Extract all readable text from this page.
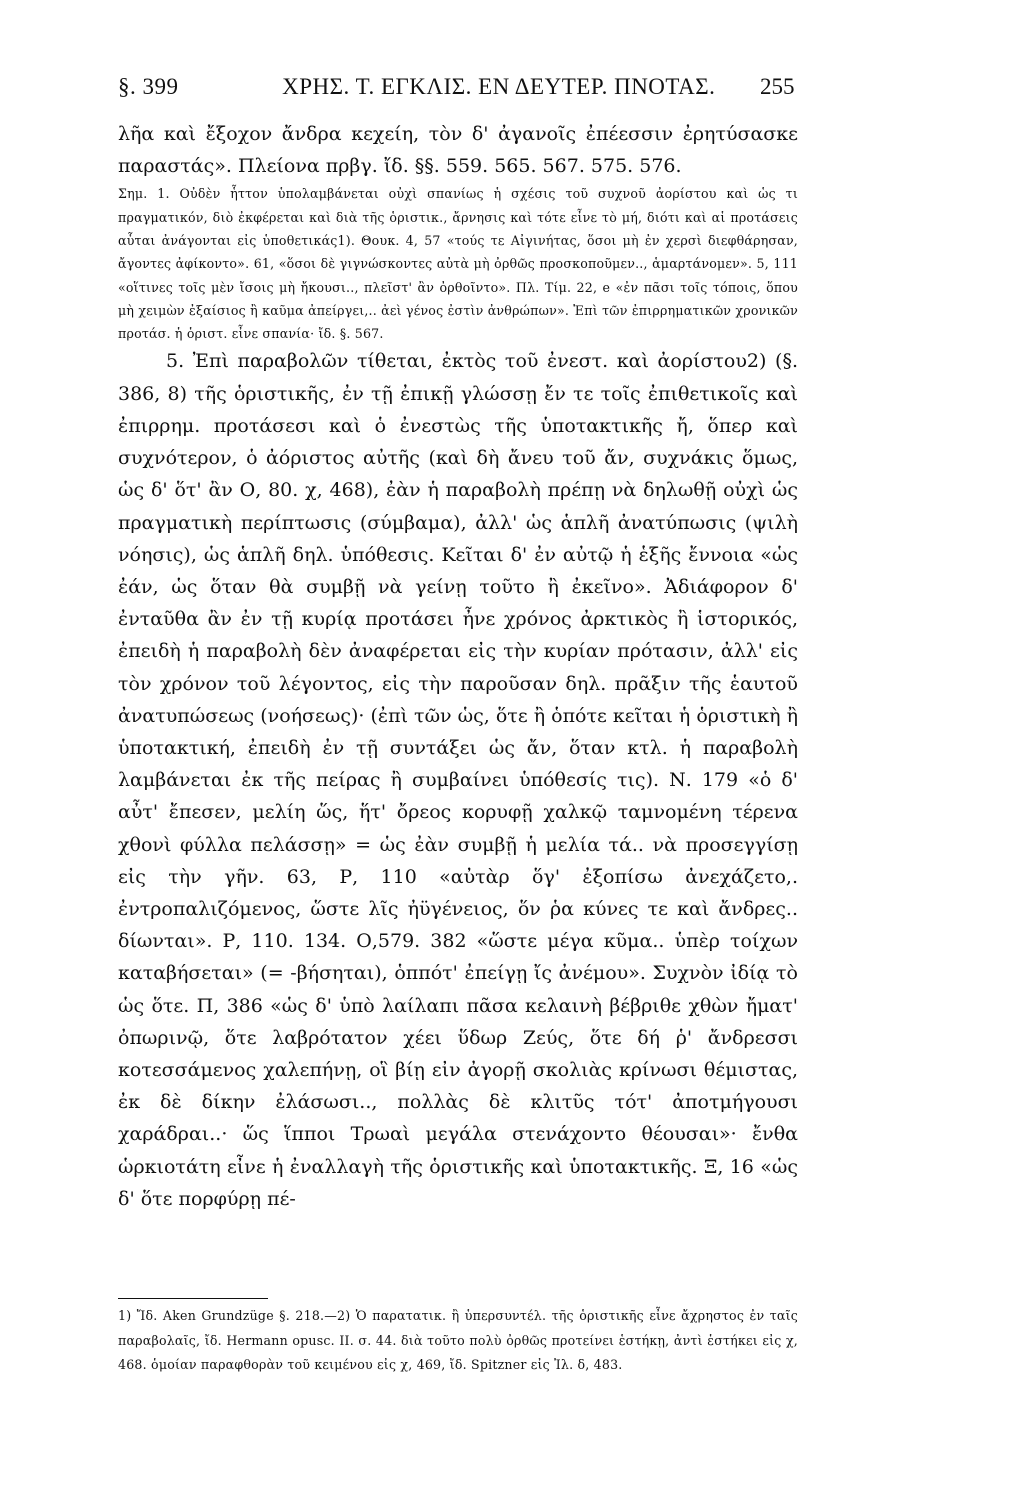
§. 399	ΧΡΗΣ. Τ. ΕΓΚΛΙΣ. ΕΝ ΔΕΥΤΕΡ. ΠΝΟΤΑΣ.	255

λῆα καὶ ἔξοχον ἄνδρα κεχείη, τὸν δ' ἀγανοῖς ἐπέεσσιν ἐρητύσασκε παραστάς». Πλείονα πρβγ. ἴδ. §§. 559. 565. 567. 575. 576.

Σημ. 1. Οὐδὲν ἧττον ὑπολαμβάνεται οὐχὶ σπανίως ἡ σχέσις τοῦ συχνοῦ ἀορίστου καὶ ὡς τι πραγματικόν, διὸ ἐκφέρεται καὶ διὰ τῆς ὁριστικ., ἄρνησις καὶ τότε εἶνε τὸ μή, διότι καὶ αἱ προτάσεις αὗται ἀνάγονται εἰς ὑποθετικάς1). Θουκ. 4, 57 «τούς τε Αἰγινήτας, ὅσοι μὴ ἐν χερσὶ διεφθάρησαν, ἄγοντες ἀφίκοντο». 61, «ὅσοι δὲ γιγνώσκοντες αὐτὰ μὴ ὀρθῶς προσκοποῦμεν.., ἁμαρτάνομεν». 5, 111 «οἵτινες τοῖς μὲν ἴσοις μὴ ἤκουσι.., πλεῖστ' ἂν ὀρθοῖντο». Πλ. Τίμ. 22, e «ἐν πᾶσι τοῖς τόποις, ὅπου μὴ χειμὼν ἐξαίσιος ἢ καῦμα ἀπείργει,.. ἀεὶ γένος ἐστὶν ἀνθρώπων». Ἐπὶ τῶν ἐπιρρηματικῶν χρονικῶν προτάσ. ἡ ὁριστ. εἶνε σπανία· ἴδ. §. 567.

5. Ἐπὶ παραβολῶν τίθεται, ἐκτὸς τοῦ ἐνεστ. καὶ ἀορίστου2) (§. 386, 8) τῆς ὁριστικῆς, ἐν τῇ ἐπικῇ γλώσσῃ ἔν τε τοῖς ἐπιθετικοῖς καὶ ἐπιρρημ. προτάσεσι καὶ ὁ ἐνεστὼς τῆς ὑποτακτικῆς ἤ, ὅπερ καὶ συχνότερον, ὁ ἀόριστος αὐτῆς (καὶ δὴ ἄνευ τοῦ ἄν, συχνάκις ὅμως, ὡς δ' ὅτ' ἂν Ο, 80. χ, 468), ἐὰν ἡ παραβολὴ πρέπῃ νὰ δηλωθῇ οὐχὶ ὡς πραγματικὴ περίπτωσις (σύμβαμα), ἀλλ' ὡς ἁπλῆ ἀνατύπωσις (ψιλὴ νόησις), ὡς ἁπλῆ δηλ. ὑπόθεσις. Κεῖται δ' ἐν αὐτῷ ἡ ἑξῆς ἔννοια «ὡς ἐάν, ὡς ὅταν θὰ συμβῇ νὰ γείνῃ τοῦτο ἢ ἐκεῖνο». Ἀδιάφορον δ' ἐνταῦθα ἂν ἐν τῇ κυρίᾳ προτάσει ἦνε χρόνος ἀρκτικὸς ἢ ἱστορικός, ἐπειδὴ ἡ παραβολὴ δὲν ἀναφέρεται εἰς τὴν κυρίαν πρότασιν, ἀλλ' εἰς τὸν χρόνον τοῦ λέγοντος, εἰς τὴν παροῦσαν δηλ. πρᾶξιν τῆς ἑαυτοῦ ἀνατυπώσεως (νοήσεως)· (ἐπὶ τῶν ὡς, ὅτε ἢ ὁπότε κεῖται ἡ ὁριστικὴ ἢ ὑποτακτική, ἐπειδὴ ἐν τῇ συντάξει ὡς ἄν, ὅταν κτλ. ἡ παραβολὴ λαμβάνεται ἐκ τῆς πείρας ἢ συμβαίνει ὑπόθεσίς τις). Ν. 179 «ὁ δ' αὖτ' ἔπεσεν, μελίη ὥς, ἥτ' ὄρεος κορυφῇ χαλκῷ ταμνομένη τέρενα χθονὶ φύλλα πελάσσῃ» = ὡς ἐὰν συμβῇ ἡ μελία τά.. νὰ προσεγγίσῃ εἰς τὴν γῆν. 63, Ρ, 110 «αὐτὰρ ὅγ' ἐξοπίσω ἀνεχάζετο,. ἐντροπαλιζόμενος, ὥστε λῖς ἠϋγένειος, ὅν ῥα κύνες τε καὶ ἄνδρες.. δίωνται». Ρ, 110. 134. Ο,579. 382 «ὥστε μέγα κῦμα.. ὑπὲρ τοίχων καταβήσεται» (= -βήσηται), ὁππότ' ἐπείγῃ ἴς ἀνέμου». Συχνὸν ἰδίᾳ τὸ ὡς ὅτε. Π, 386 «ὡς δ' ὑπὸ λαίλαπι πᾶσα κελαινὴ βέβριθε χθὼν ἤματ' ὀπωρινῷ, ὅτε λαβρότατον χέει ὕδωρ Ζεύς, ὅτε δή ῥ' ἄνδρεσσι κοτεσσάμενος χαλεπήνῃ, οἳ βίῃ εἰν ἀγορῇ σκολιὰς κρίνωσι θέμιστας, ἐκ δὲ δίκην ἐλάσωσι.., πολλὰς δὲ κλιτῦς τότ' ἀποτμήγουσι χαράδραι..· ὥς ἵπποι Τρωαὶ μεγάλα στενάχοντο θέουσαι»· ἔνθα ὡρκιοτάτη εἶνε ἡ ἐναλλαγὴ τῆς ὁριστικῆς καὶ ὑποτακτικῆς. Ξ, 16 «ὡς δ' ὅτε πορφύρῃ πέ-

1) Ἴδ. Aken Grundzüge §. 218.—2) Ὁ παρατατικ. ἢ ὑπερσυντέλ. τῆς ὁριστικῆς εἶνε ἄχρηστος ἐν ταῖς παραβολαῖς, ἴδ. Hermann opusc. II. σ. 44. διὰ τοῦτο πολὺ ὀρθῶς προτείνει ἑστήκῃ, ἀντὶ ἑστήκει εἰς χ, 468. ὁμοίαν παραφθορὰν τοῦ κειμένου εἰς χ, 469, ἴδ. Spitzner εἰς Ἰλ. δ, 483.
